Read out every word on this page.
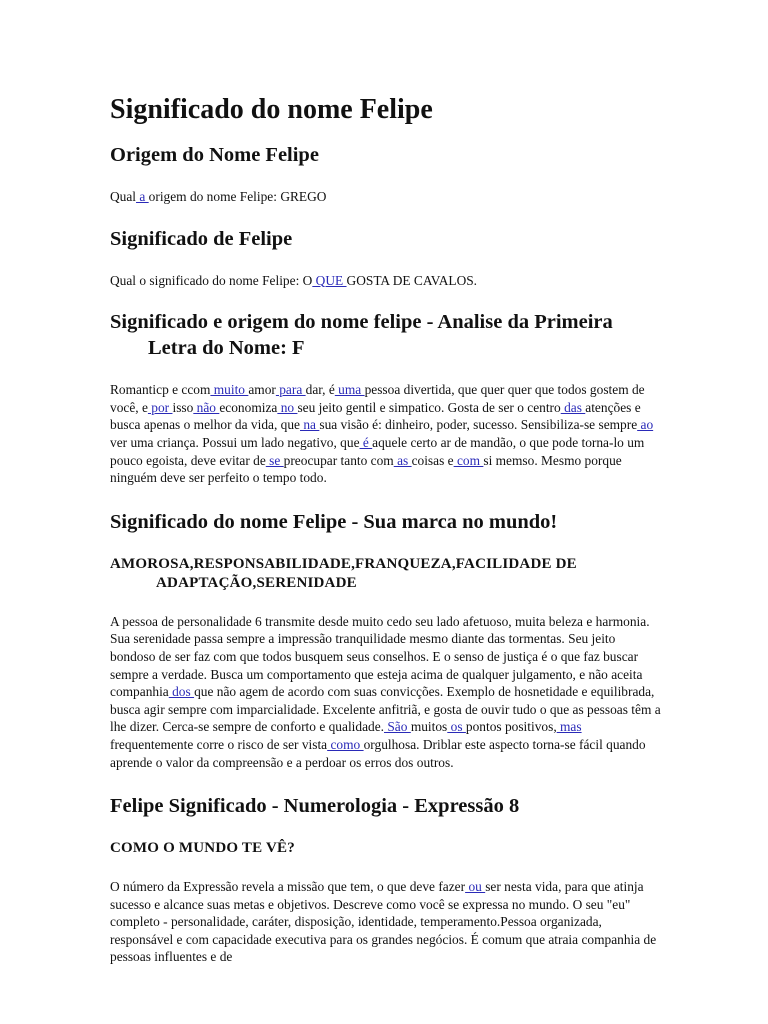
Significado do nome Felipe
Origem do Nome Felipe

Qual a origem do nome Felipe: GREGO

Significado de Felipe

Qual o significado do nome Felipe: O QUE GOSTA DE CAVALOS.

Significado e origem do nome felipe - Analise da Primeira Letra do Nome: F

Romanticp e ccom muito amor para dar, é uma pessoa divertida, que quer quer que todos gostem de você, e por isso não economiza no seu jeito gentil e simpatico. Gosta de ser o centro das atenções e busca apenas o melhor da vida, que na sua visão é: dinheiro, poder, sucesso. Sensibiliza-se sempre ao ver uma criança. Possui um lado negativo, que é aquele certo ar de mandão, o que pode torna-lo um pouco egoista, deve evitar de se preocupar tanto com as coisas e com si memso. Mesmo porque ninguém deve ser perfeito o tempo todo.

Significado do nome Felipe - Sua marca no mundo!
AMOROSA,RESPONSABILIDADE,FRANQUEZA,FACILIDADE DE ADAPTAÇÃO,SERENIDADE

A pessoa de personalidade 6 transmite desde muito cedo seu lado afetuoso, muita beleza e harmonia. Sua serenidade passa sempre a impressão tranquilidade mesmo diante das tormentas. Seu jeito bondoso de ser faz com que todos busquem seus conselhos. E o senso de justiça é o que faz buscar sempre a verdade. Busca um comportamento que esteja acima de qualquer julgamento, e não aceita companhia dos que não agem de acordo com suas convicções. Exemplo de hosnetidade e equilibrada, busca agir sempre com imparcialidade. Excelente anfitriã, e gosta de ouvir tudo o que as pessoas têm a lhe dizer. Cerca-se sempre de conforto e qualidade. São muitos os pontos positivos, mas frequentemente corre o risco de ser vista como orgulhosa. Driblar este aspecto torna-se fácil quando aprende o valor da compreensão e a perdoar os erros dos outros.

Felipe Significado - Numerologia - Expressão 8
COMO O MUNDO TE VÊ?

O número da Expressão revela a missão que tem, o que deve fazer ou ser nesta vida, para que atinja sucesso e alcance suas metas e objetivos. Descreve como você se expressa no mundo. O seu "eu" completo - personalidade, caráter, disposição, identidade, temperamento.Pessoa organizada, responsável e com capacidade executiva para os grandes negócios. É comum que atraia companhia de pessoas influentes e de
